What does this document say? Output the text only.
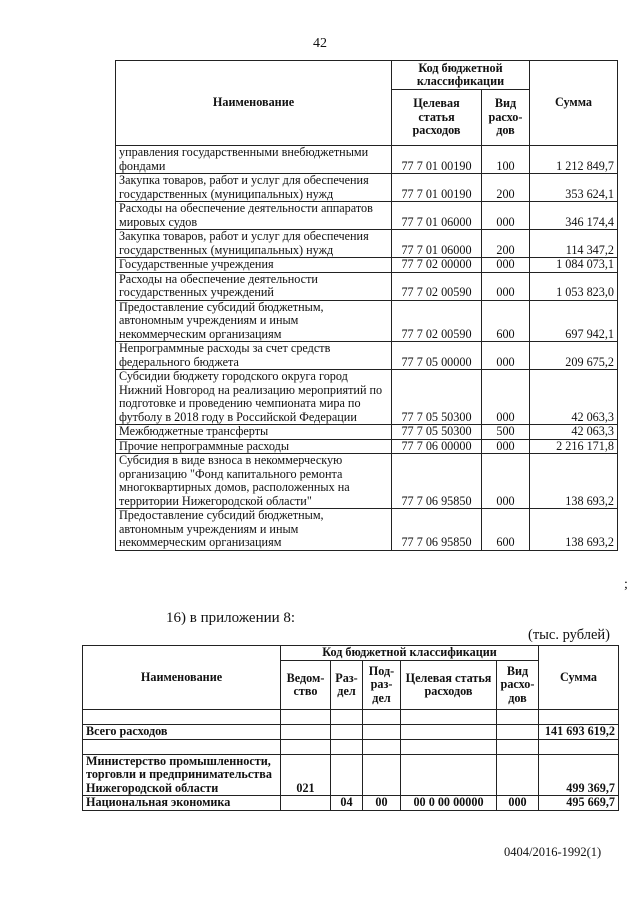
42
Наименование	Код бюджетной классификации		Сумма
	Целевая статья расходов	Вид расхо-дов	
управления государственными внебюджетными фондами	77 7 01 00190	100	1 212 849,7
Закупка товаров, работ и услуг для обеспечения государственных (муниципальных) нужд	77 7 01 00190	200	353 624,1
Расходы на обеспечение деятельности аппаратов мировых судов	77 7 01 06000	000	346 174,4
Закупка товаров, работ и услуг для обеспечения государственных (муниципальных) нужд	77 7 01 06000	200	114 347,2
Государственные учреждения	77 7 02 00000	000	1 084 073,1
Расходы на обеспечение деятельности государственных учреждений	77 7 02 00590	000	1 053 823,0
Предоставление субсидий бюджетным, автономным учреждениям и иным некоммерческим организациям	77 7 02 00590	600	697 942,1
Непрограммные расходы за счет средств федерального бюджета	77 7 05 00000	000	209 675,2
Субсидии бюджету городского округа город Нижний Новгород на реализацию мероприятий по подготовке и проведению чемпионата мира по футболу в 2018 году в Российской Федерации	77 7 05 50300	000	42 063,3
Межбюджетные трансферты	77 7 05 50300	500	42 063,3
Прочие непрограммные расходы	77 7 06 00000	000	2 216 171,8
Субсидия в виде взноса в некоммерческую организацию "Фонд капитального ремонта многоквартирных домов, расположенных на территории Нижегородской области"	77 7 06 95850	000	138 693,2
Предоставление субсидий бюджетным, автономным учреждениям и иным некоммерческим организациям	77 7 06 95850	600	138 693,2
;
16) в приложении 8:
(тыс. рублей)
Наименование	Код бюджетной классификации					Сумма
	Ведом-ство	Раз-дел	Под-раз-дел	Целевая статья расходов	Вид расхо-дов	

Всего расходов						141 693 619,2

Министерство промышленности, торговли и предпринимательства Нижегородской области	021					499 369,7
Национальная экономика		04	00	00 0 00 00000	000	495 669,7
0404/2016-1992(1)
